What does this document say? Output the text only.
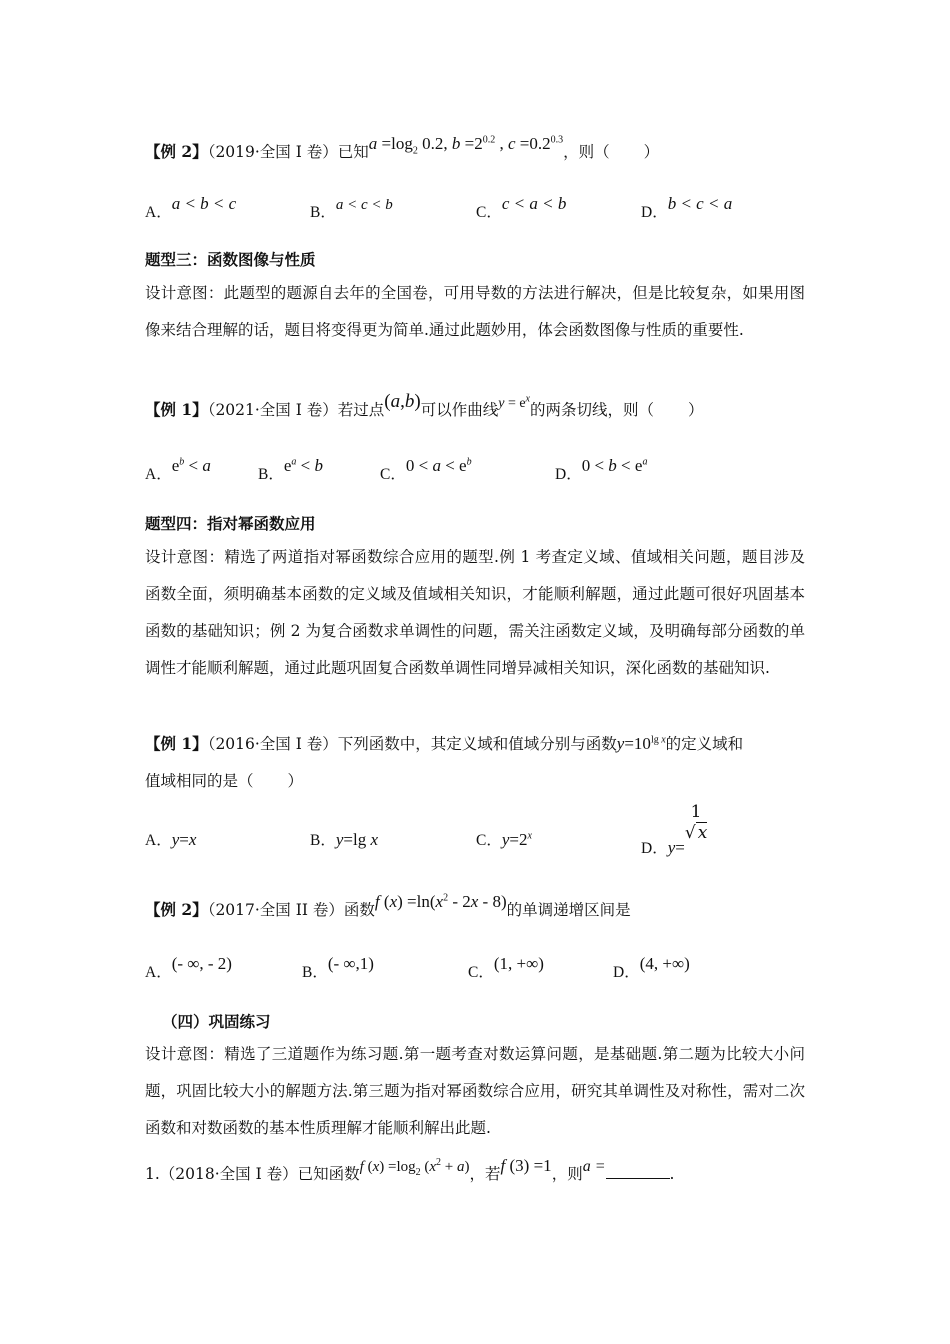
【例 2】（2019·全国 I 卷）已知$a =\log_2$ 0.2, $b =2^{0.2}$ , $c =0.2^{0.3}$，则（ ）
A．a < b < c	B．a < c < b	C．c < a < b	D．b < c < a
题型三：函数图像与性质
设计意图：此题型的题源自去年的全国卷，可用导数的方法进行解决，但是比较复杂，如果用图像来结合理解的话，题目将变得更为简单.通过此题妙用，体会函数图像与性质的重要性.
【例 1】（2021·全国 I 卷）若过点(a,b)可以作曲线$y = e^x$的两条切线，则（ ）
A．$e^b < a$	B．$e^a < b$	C．$0 < a < e^b$
D．$0 < b < e^a$
题型四：指对幂函数应用
设计意图：精选了两道指对幂函数综合应用的题型.例 1 考查定义域、值域相关问题，题目涉及函数全面，须明确基本函数的定义域及值域相关知识，才能顺利解题，通过此题可很好巩固基本函数的基础知识；例 2 为复合函数求单调性的问题，需关注函数定义域，及明确每部分函数的单调性才能顺利解题，通过此题巩固复合函数单调性同增异减相关知识，深化函数的基础知识.
【例 1】（2016·全国 I 卷）下列函数中，其定义域和值域分别与函数$y=10^{lg x}$的定义域和
值域相同的是（ ）
A．y=x	B．y=lg x	C．$y=2^x$
D．y=
1
√ x
【例 2】（2017·全国 II 卷）函数f $(x) =\ln(x^2 - 2x - 8)$的单调递增区间是
A．(- ∞, - 2)	B．(- ∞,1)	C．(1, +∞)	D．(4, +∞)
（四）巩固练习
设计意图：精选了三道题作为练习题.第一题考查对数运算问题，是基础题.第二题为比较大小问题，巩固比较大小的解题方法.第三题为指对幂函数综合应用，研究其单调性及对称性，需对二次函数和对数函数的基本性质理解才能顺利解出此题.
1.（2018·全国 I 卷）已知函数f $(x) =\log_2$ $(x^2 + a)$，若f (3) =1，则a =	.
